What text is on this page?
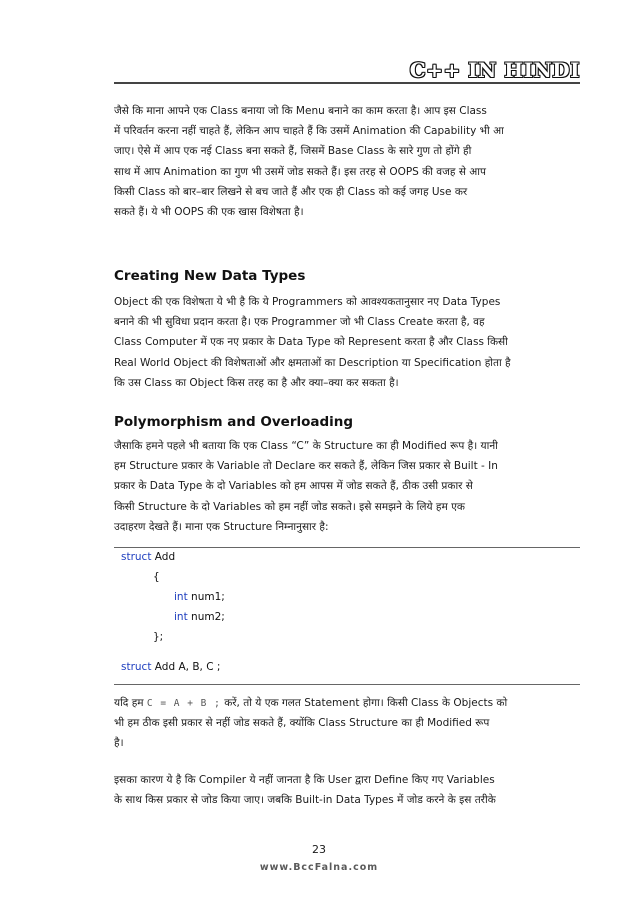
C++ IN HINDI
जैसे कि माना आपने एक Class बनाया जो कि Menu बनाने का काम करता है। आप इस Class
में परिवर्तन करना नहीं चाहते हैं, लेकिन आप चाहते हैं कि उसमें Animation की Capability भी आ
जाए। ऐसे में आप एक नई Class बना सकते हैं, जिसमें Base Class के सारे गुण तो होंगे ही
साथ में आप Animation का गुण भी उसमें जोड सकते हैं। इस तरह से OOPS की वजह से आप
किसी Class को बार–बार लिखने से बच जाते हैं और एक ही Class को कई जगह Use कर
सकते हैं। ये भी OOPS की एक खास विशेषता है।
Creating New Data Types
Object की एक विशेषता ये भी है कि ये Programmers को आवश्यकतानुसार नए Data Types
बनाने की भी सुविधा प्रदान करता है। एक Programmer जो भी Class Create करता है, वह
Class Computer में एक नए प्रकार के Data Type को Represent करता है और Class किसी
Real World Object की विशेषताओं और क्षमताओं का Description या Specification होता है
कि उस Class का Object किस तरह का है और क्या–क्या कर सकता है।
Polymorphism and Overloading
जैसाकि हमने पहले भी बताया कि एक Class “C” के Structure का ही Modified रूप है। यानी
हम Structure प्रकार के Variable तो Declare कर सकते हैं, लेकिन जिस प्रकार से Built - In
प्रकार के Data Type के दो Variables को हम आपस में जोड सकते हैं, ठीक उसी प्रकार से
किसी Structure के दो Variables को हम नहीं जोड सकते। इसे समझने के लिये हम एक
उदाहरण देखते हैं। माना एक Structure निम्नानुसार है:
struct Add
{
int num1;
int num2;
};
struct Add A, B, C ;
यदि हम C = A + B ; करें, तो ये एक गलत Statement होगा। किसी Class के Objects को
भी हम ठीक इसी प्रकार से नहीं जोड सकते हैं, क्योंकि Class Structure का ही Modified रूप
है।
इसका कारण ये है कि Compiler ये नहीं जानता है कि User द्वारा Define किए गए Variables
के साथ किस प्रकार से जोड किया जाए। जबकि Built-in Data Types में जोड करने के इस तरीके
23
www.BccFalna.com
